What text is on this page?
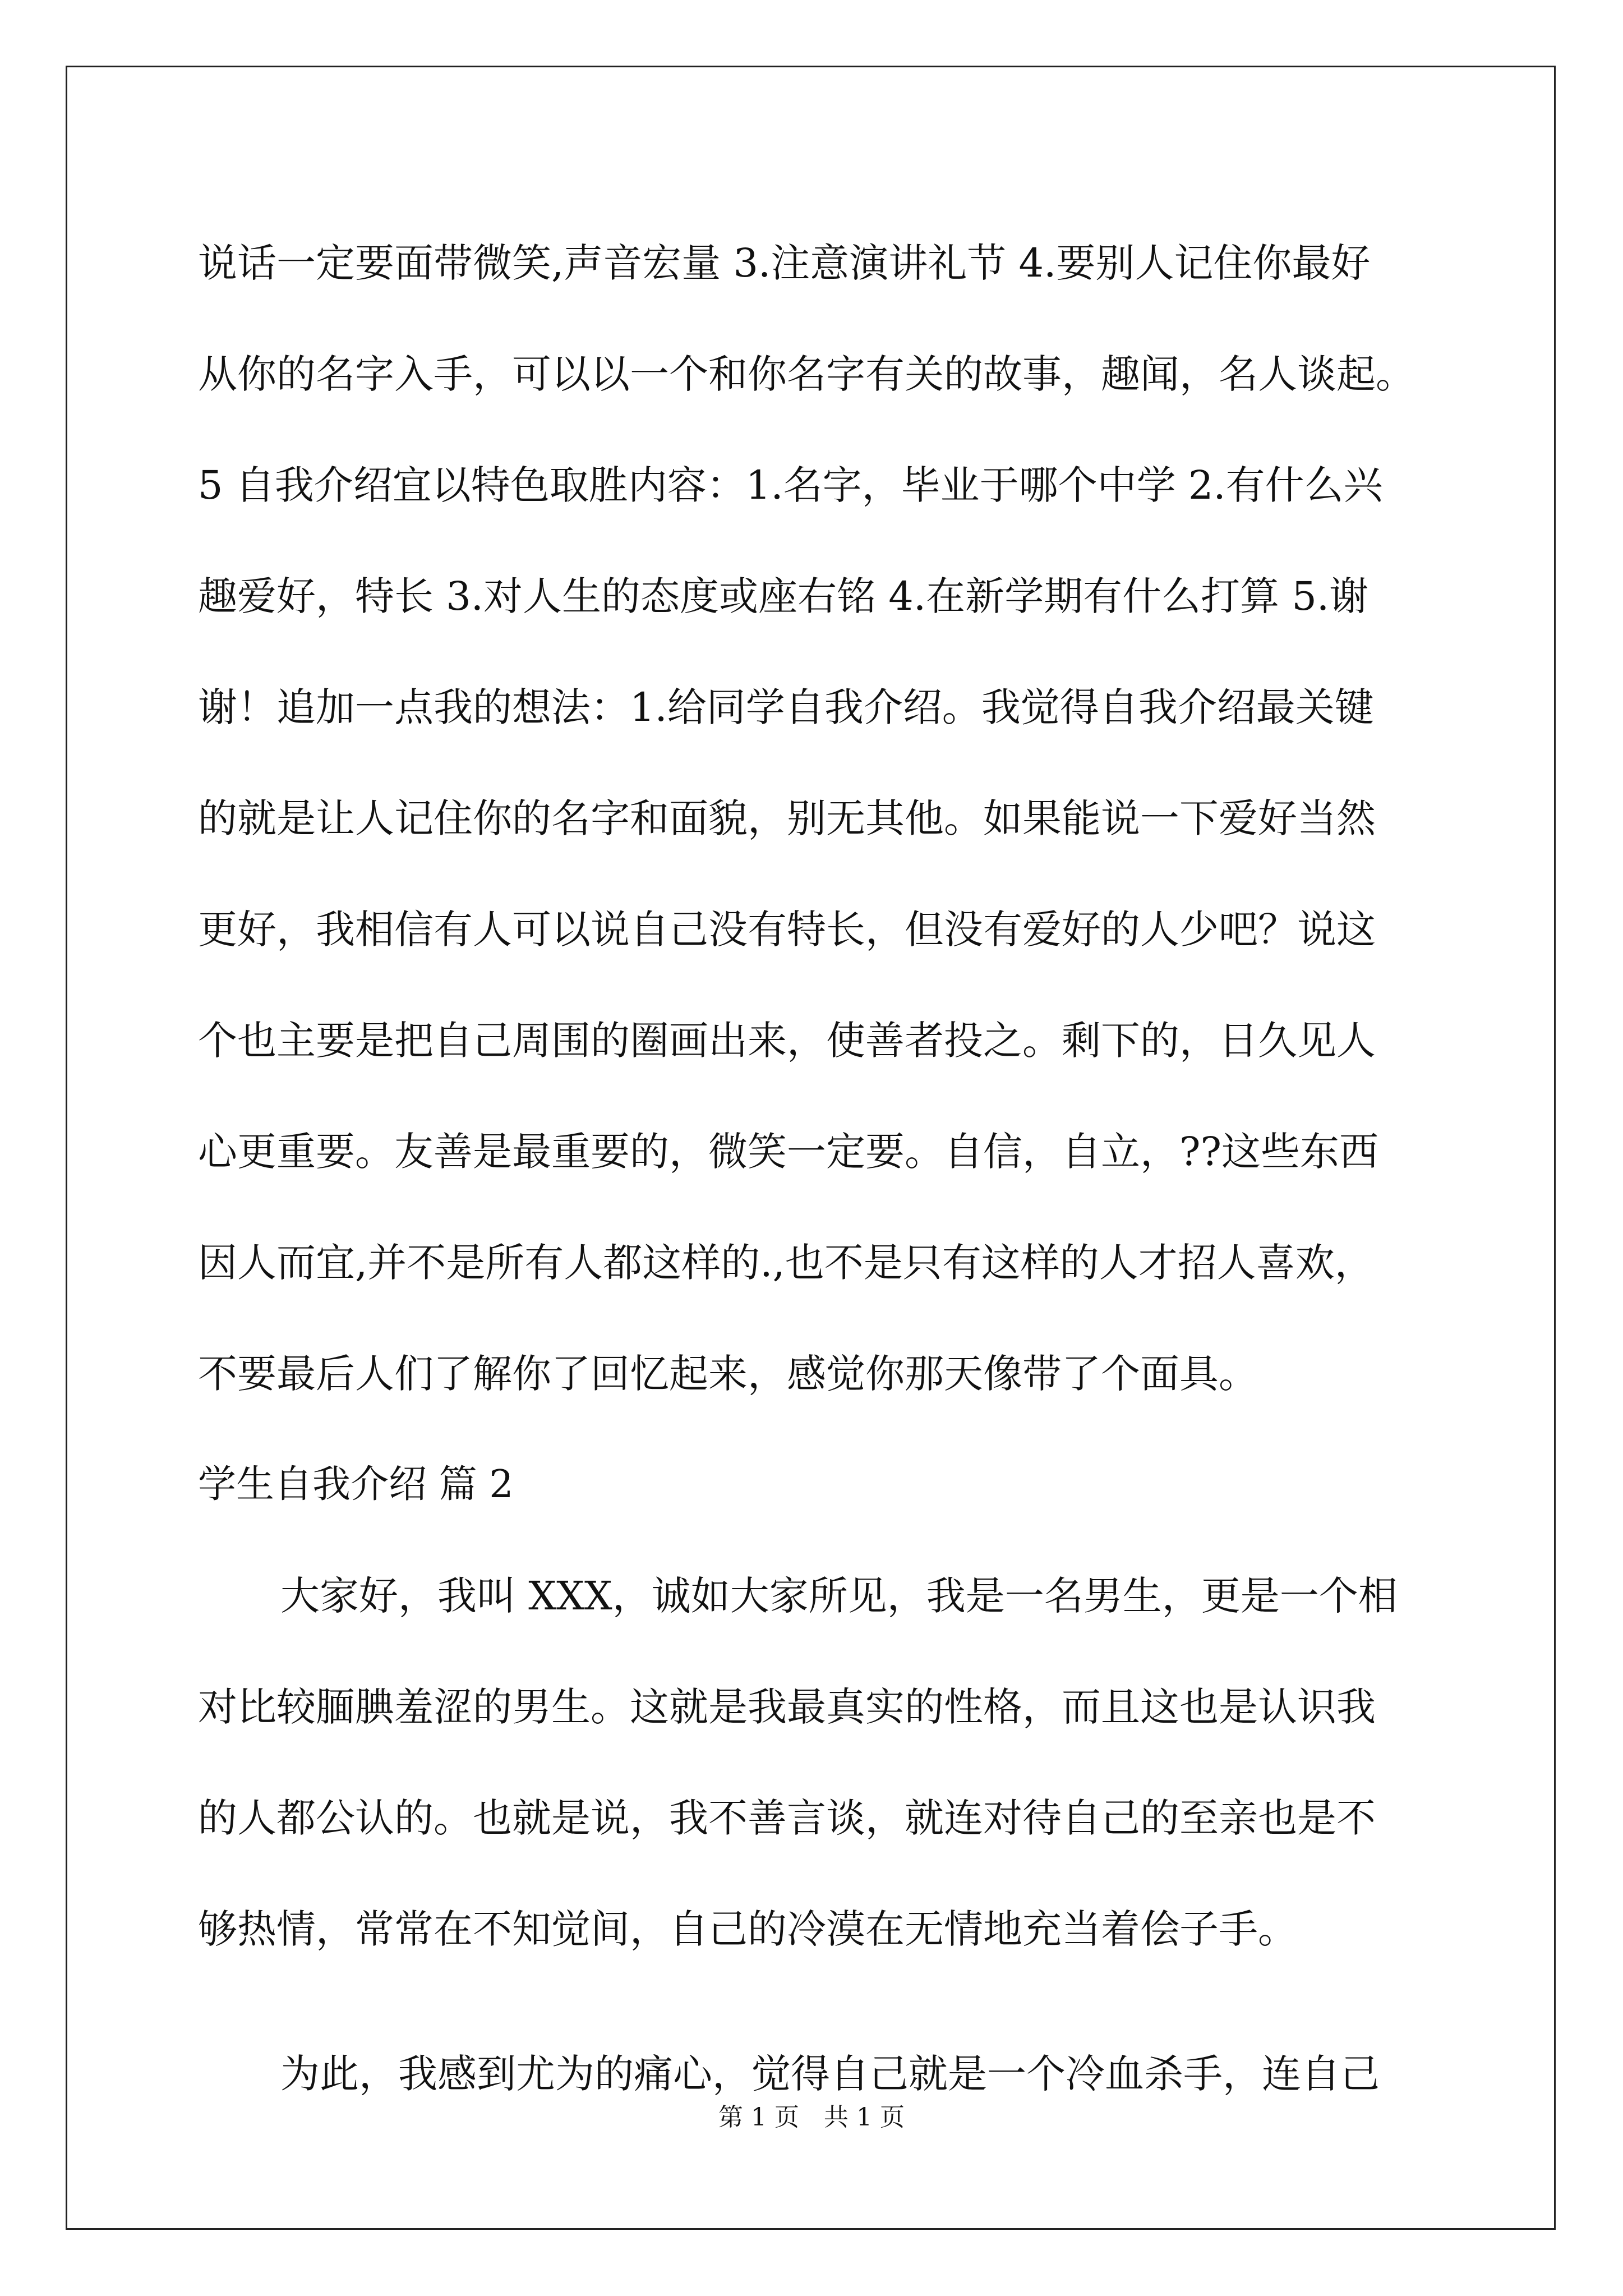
说话一定要面带微笑,声音宏量 3.注意演讲礼节 4.要别人记住你最好
从你的名字入手，可以以一个和你名字有关的故事，趣闻，名人谈起。
5 自我介绍宜以特色取胜内容：1.名字，毕业于哪个中学 2.有什么兴
趣爱好，特长 3.对人生的态度或座右铭 4.在新学期有什么打算 5.谢
谢！追加一点我的想法：1.给同学自我介绍。我觉得自我介绍最关键
的就是让人记住你的名字和面貌，别无其他。如果能说一下爱好当然
更好，我相信有人可以说自己没有特长，但没有爱好的人少吧？说这
个也主要是把自己周围的圈画出来，使善者投之。剩下的，日久见人
心更重要。友善是最重要的，微笑一定要。自信，自立，??这些东西
因人而宜,并不是所有人都这样的.,也不是只有这样的人才招人喜欢，
不要最后人们了解你了回忆起来，感觉你那天像带了个面具。
学生自我介绍 篇 2
大家好，我叫 XXX，诚如大家所见，我是一名男生，更是一个相
对比较腼腆羞涩的男生。这就是我最真实的性格，而且这也是认识我
的人都公认的。也就是说，我不善言谈，就连对待自己的至亲也是不
够热情，常常在不知觉间，自己的冷漠在无情地充当着侩子手。
为此，我感到尤为的痛心，觉得自己就是一个冷血杀手，连自己
第 1 页　共 1 页
